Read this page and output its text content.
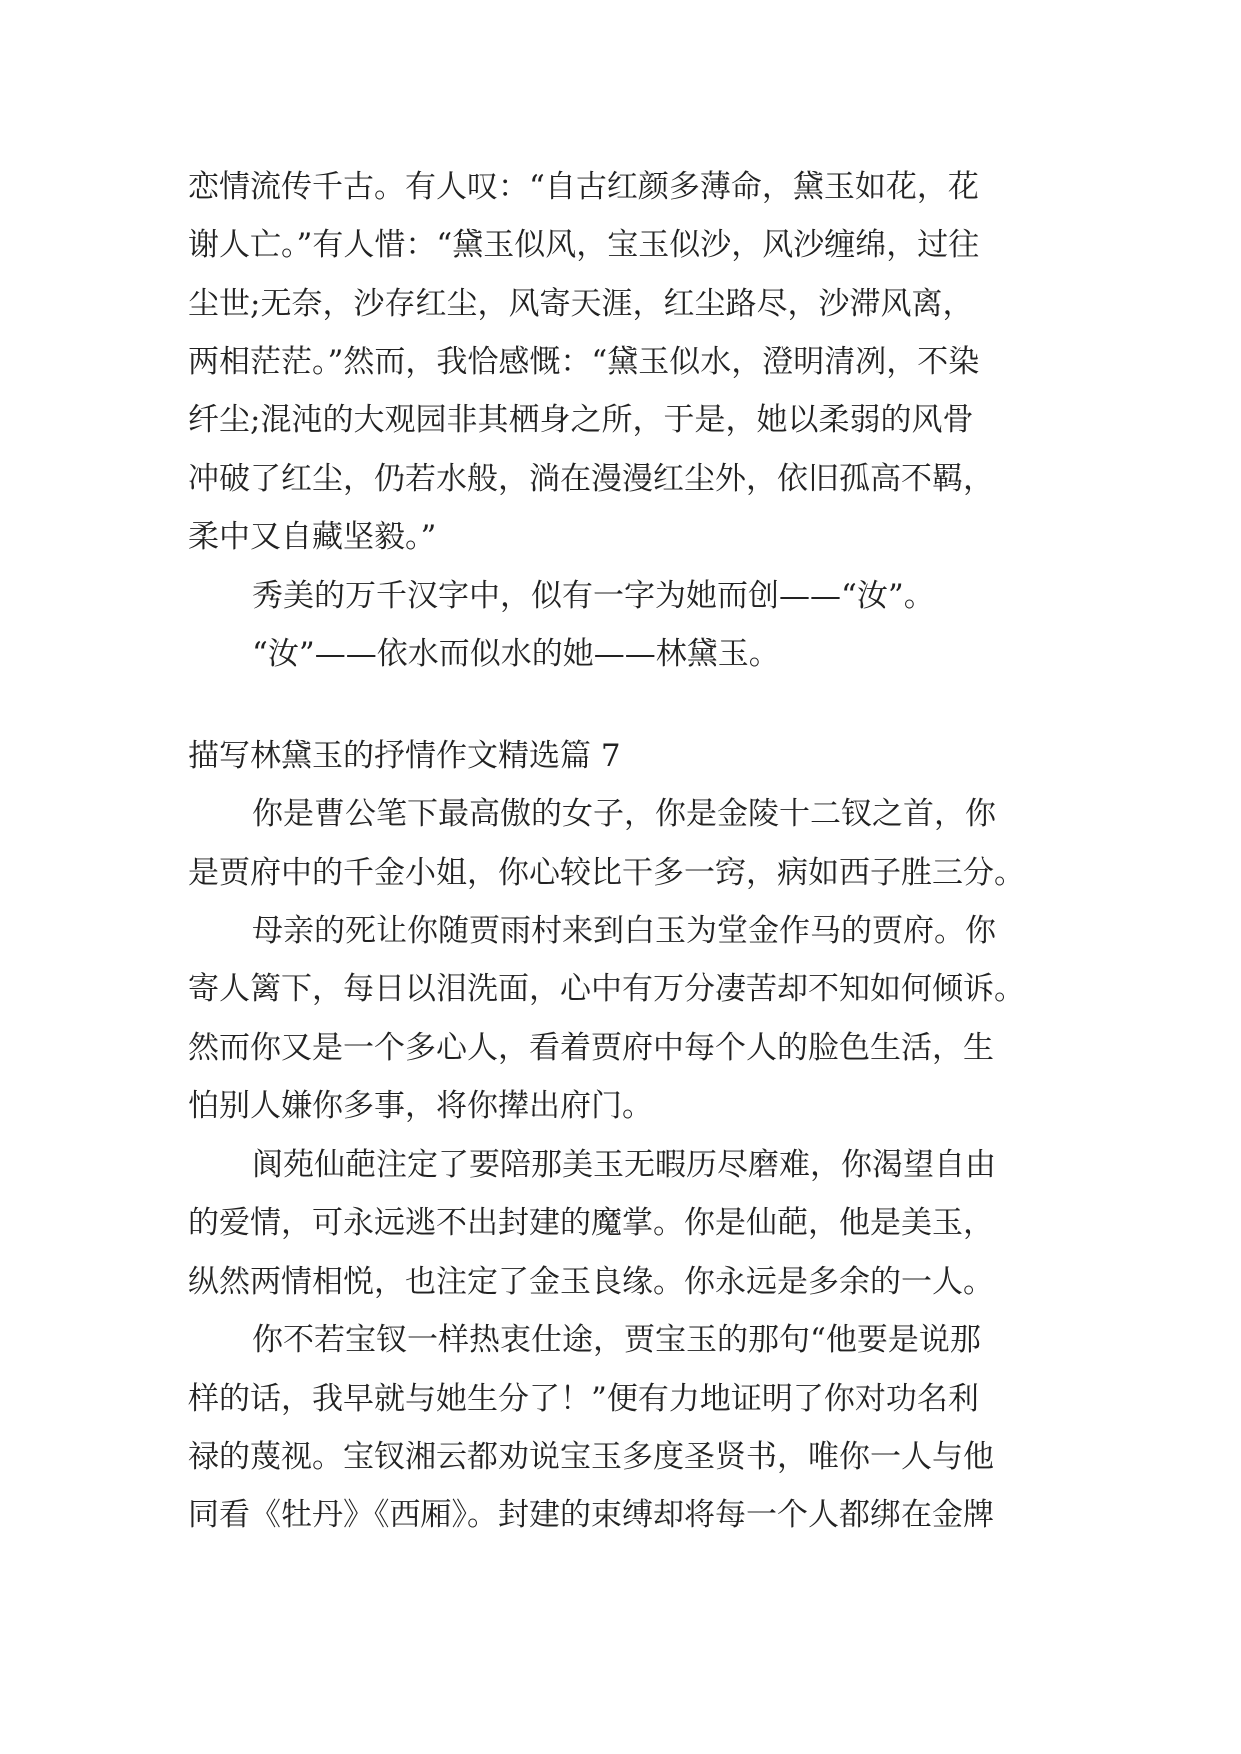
恋情流传千古。有人叹：“自古红颜多薄命，黛玉如花，花
谢人亡。”有人惜：“黛玉似风，宝玉似沙，风沙缠绵，过往
尘世;无奈，沙存红尘，风寄天涯，红尘路尽，沙滞风离，
两相茫茫。”然而，我恰感慨：“黛玉似水，澄明清冽，不染
纤尘;混沌的大观园非其栖身之所，于是，她以柔弱的风骨
冲破了红尘，仍若水般，淌在漫漫红尘外，依旧孤高不羁，
柔中又自藏坚毅。”
秀美的万千汉字中，似有一字为她而创——“汝”。
“汝”——依水而似水的她——林黛玉。
描写林黛玉的抒情作文精选篇 7
你是曹公笔下最高傲的女子，你是金陵十二钗之首，你
是贾府中的千金小姐，你心较比干多一窍，病如西子胜三分。
母亲的死让你随贾雨村来到白玉为堂金作马的贾府。你
寄人篱下，每日以泪洗面，心中有万分凄苦却不知如何倾诉。
然而你又是一个多心人，看着贾府中每个人的脸色生活，生
怕别人嫌你多事，将你撵出府门。
阆苑仙葩注定了要陪那美玉无暇历尽磨难，你渴望自由
的爱情，可永远逃不出封建的魔掌。你是仙葩，他是美玉，
纵然两情相悦，也注定了金玉良缘。你永远是多余的一人。
你不若宝钗一样热衷仕途，贾宝玉的那句“他要是说那
样的话，我早就与她生分了！”便有力地证明了你对功名利
禄的蔑视。宝钗湘云都劝说宝玉多度圣贤书，唯你一人与他
同看《牡丹》《西厢》。封建的束缚却将每一个人都绑在金牌
